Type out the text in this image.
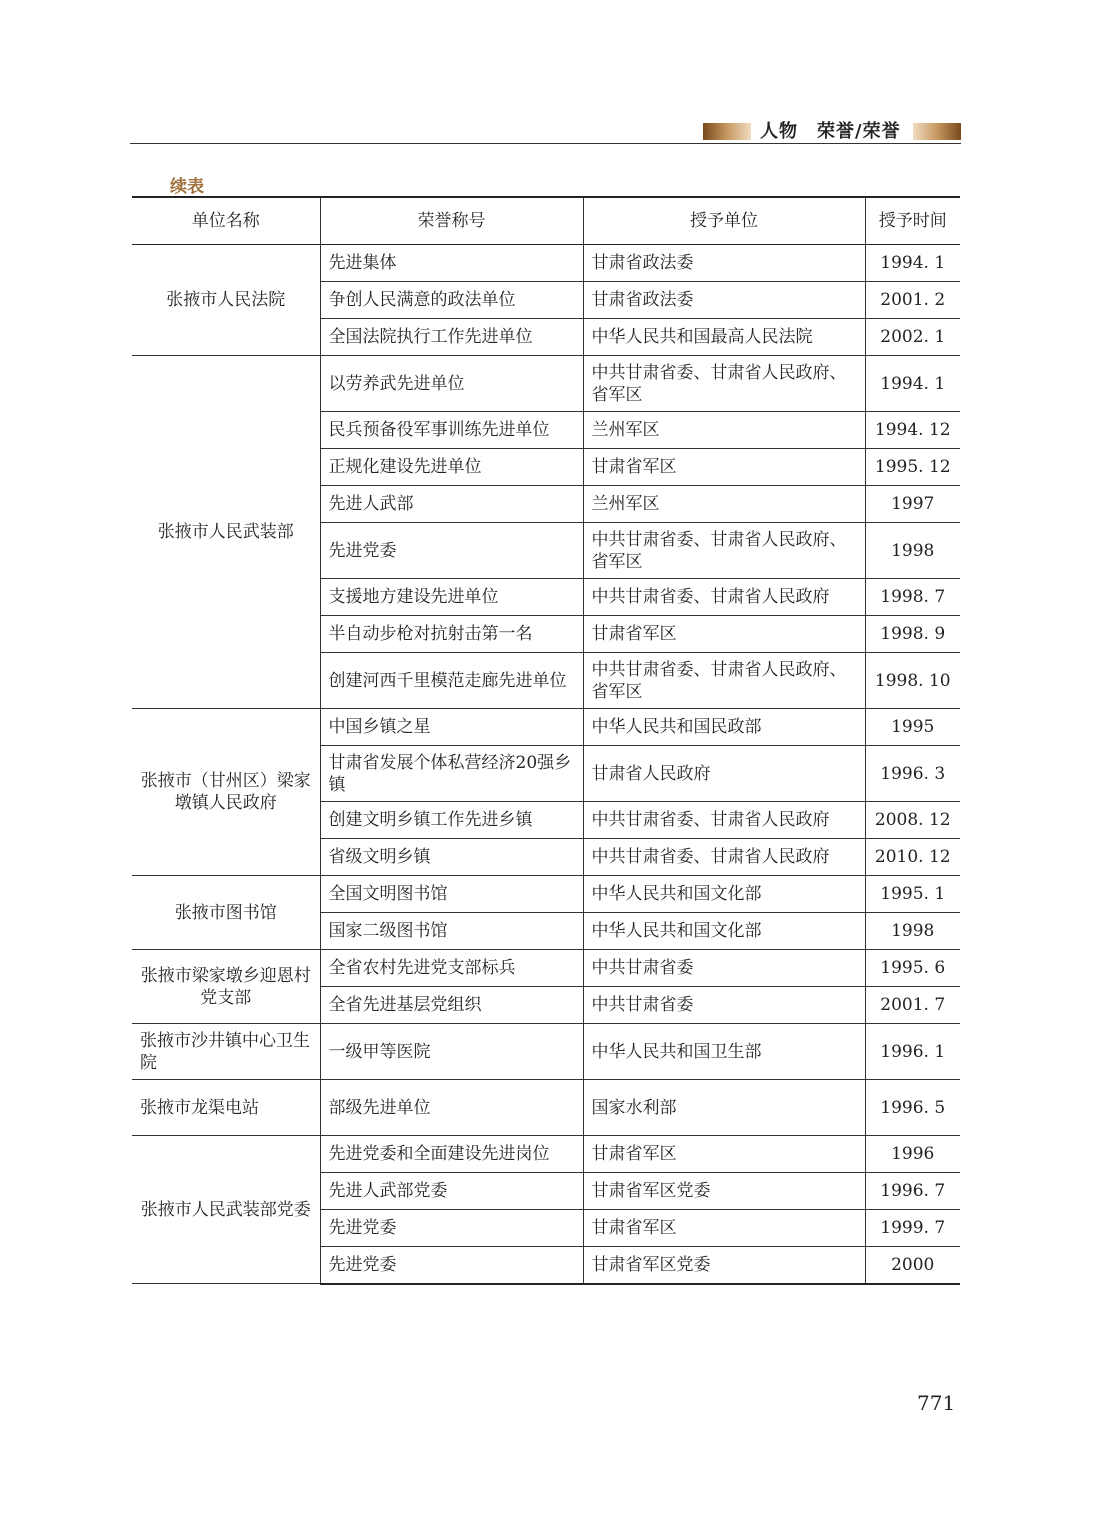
人物　荣誉/荣誉
续表
单位名称	荣誉称号	授予单位	授予时间
张掖市人民法院	先进集体	甘肃省政法委	1994. 1
	争创人民满意的政法单位	甘肃省政法委	2001. 2
	全国法院执行工作先进单位	中华人民共和国最高人民法院	2002. 1
张掖市人民武装部	以劳养武先进单位	中共甘肃省委、甘肃省人民政府、省军区	1994. 1
	民兵预备役军事训练先进单位	兰州军区	1994. 12
	正规化建设先进单位	甘肃省军区	1995. 12
	先进人武部	兰州军区	1997
	先进党委	中共甘肃省委、甘肃省人民政府、省军区	1998
	支援地方建设先进单位	中共甘肃省委、甘肃省人民政府	1998. 7
	半自动步枪对抗射击第一名	甘肃省军区	1998. 9
	创建河西千里模范走廊先进单位	中共甘肃省委、甘肃省人民政府、省军区	1998. 10
张掖市（甘州区）梁家墩镇人民政府	中国乡镇之星	中华人民共和国民政部	1995
	甘肃省发展个体私营经济20强乡镇	甘肃省人民政府	1996. 3
	创建文明乡镇工作先进乡镇	中共甘肃省委、甘肃省人民政府	2008. 12
	省级文明乡镇	中共甘肃省委、甘肃省人民政府	2010. 12
张掖市图书馆	全国文明图书馆	中华人民共和国文化部	1995. 1
	国家二级图书馆	中华人民共和国文化部	1998
张掖市梁家墩乡迎恩村党支部	全省农村先进党支部标兵	中共甘肃省委	1995. 6
	全省先进基层党组织	中共甘肃省委	2001. 7
张掖市沙井镇中心卫生院	一级甲等医院	中华人民共和国卫生部	1996. 1
张掖市龙渠电站	部级先进单位	国家水利部	1996. 5
张掖市人民武装部党委	先进党委和全面建设先进岗位	甘肃省军区	1996
	先进人武部党委	甘肃省军区党委	1996. 7
	先进党委	甘肃省军区	1999. 7
	先进党委	甘肃省军区党委	2000
771
